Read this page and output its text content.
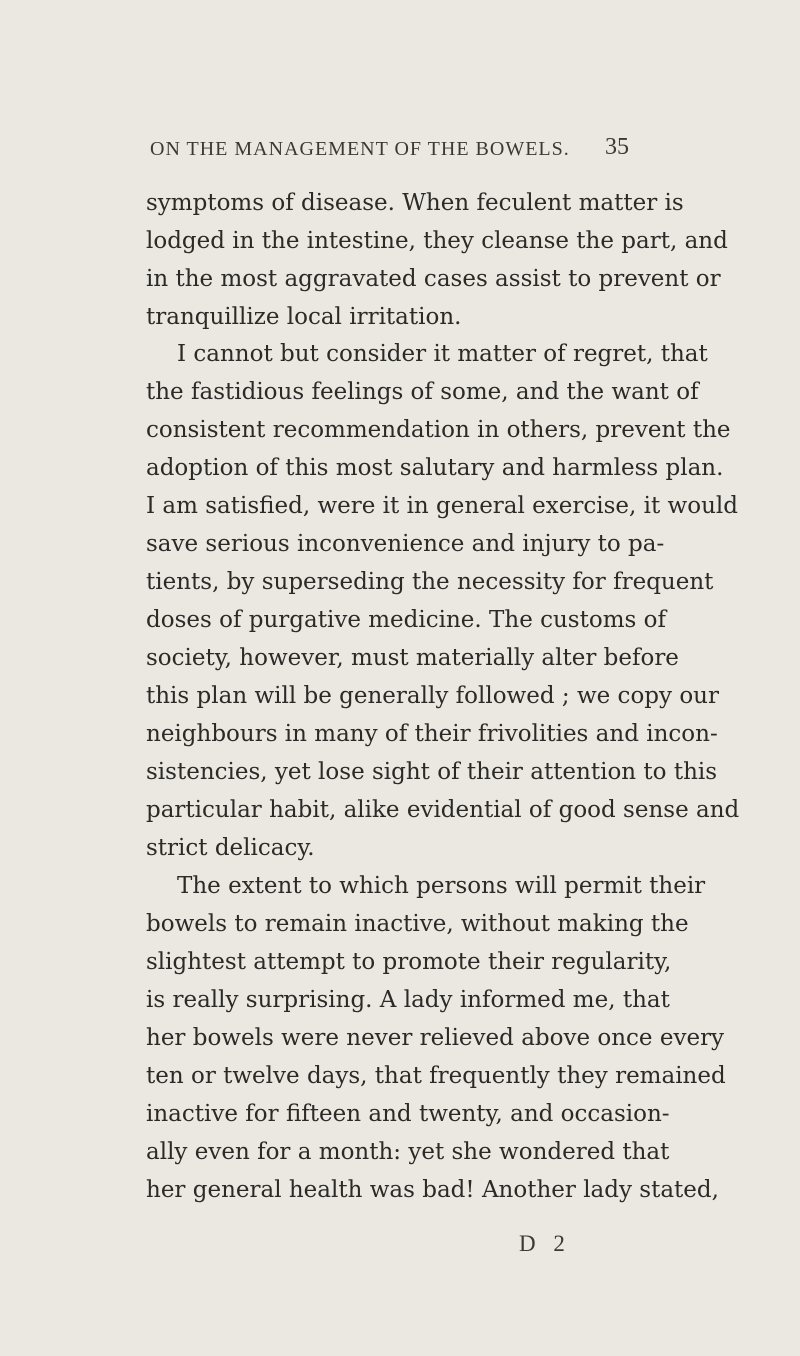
ON THE MANAGEMENT OF THE BOWELS. 35
symptoms of disease. When feculent matter is
lodged in the intestine, they cleanse the part, and
in the most aggravated cases assist to prevent or
tranquillize local irritation.
I cannot but consider it matter of regret, that
the fastidious feelings of some, and the want of
consistent recommendation in others, prevent the
adoption of this most salutary and harmless plan.
I am satisfied, were it in general exercise, it would
save serious inconvenience and injury to pa-
tients, by superseding the necessity for frequent
doses of purgative medicine. The customs of
society, however, must materially alter before
this plan will be generally followed ; we copy our
neighbours in many of their frivolities and incon-
sistencies, yet lose sight of their attention to this
particular habit, alike evidential of good sense and
strict delicacy.
The extent to which persons will permit their
bowels to remain inactive, without making the
slightest attempt to promote their regularity,
is really surprising. A lady informed me, that
her bowels were never relieved above once every
ten or twelve days, that frequently they remained
inactive for fifteen and twenty, and occasion-
ally even for a month: yet she wondered that
her general health was bad! Another lady stated,
D 2
